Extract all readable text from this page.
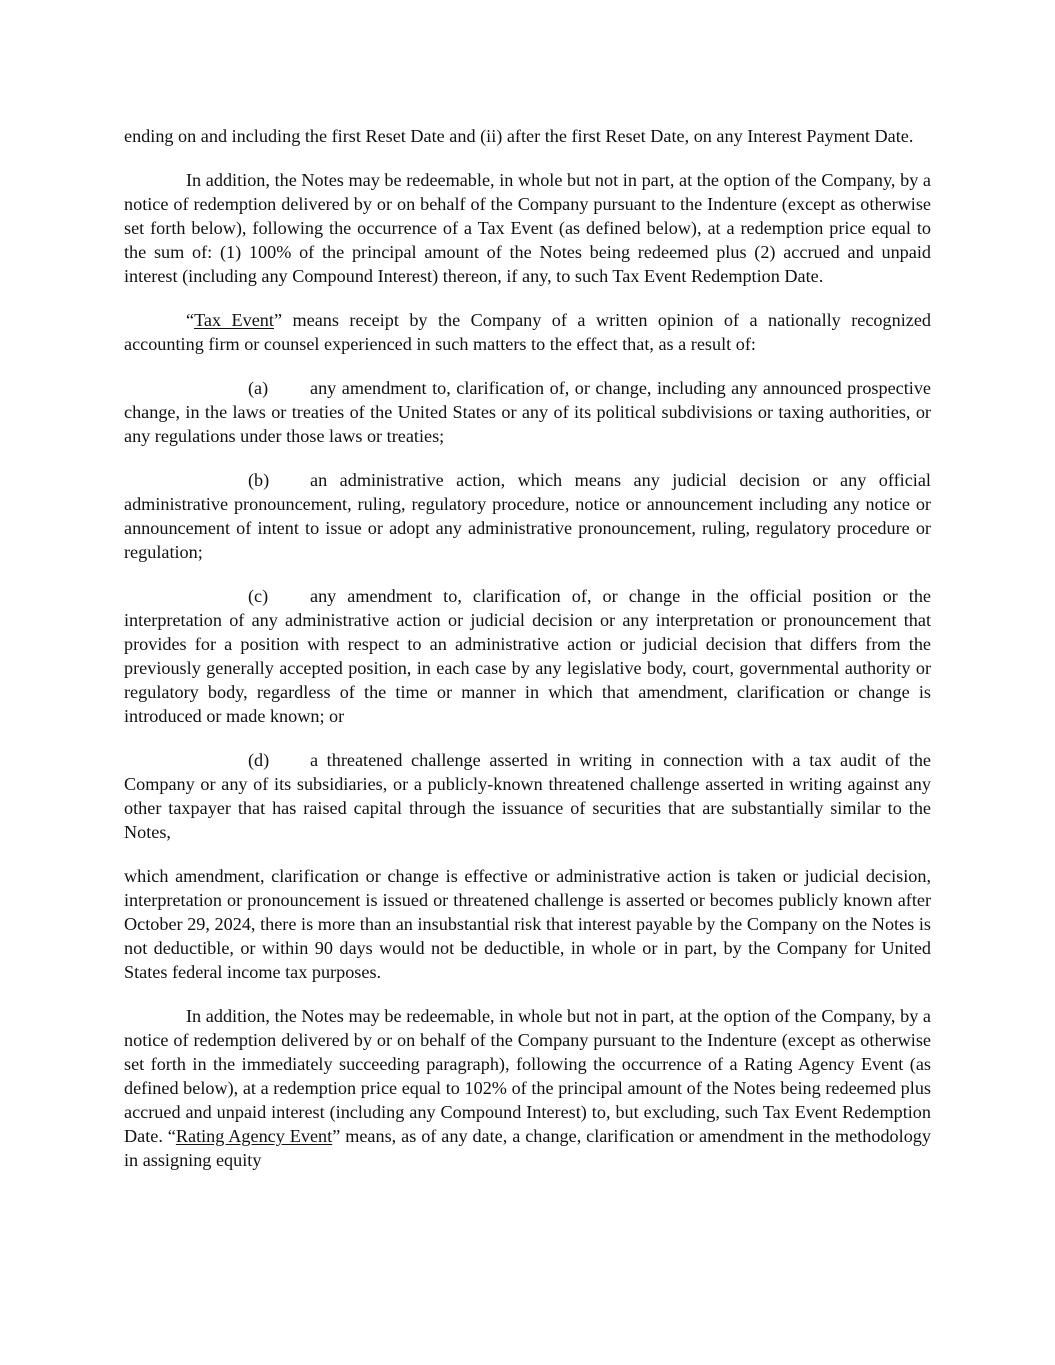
ending on and including the first Reset Date and (ii) after the first Reset Date, on any Interest Payment Date.

In addition, the Notes may be redeemable, in whole but not in part, at the option of the Company, by a notice of redemption delivered by or on behalf of the Company pursuant to the Indenture (except as otherwise set forth below), following the occurrence of a Tax Event (as defined below), at a redemption price equal to the sum of: (1) 100% of the principal amount of the Notes being redeemed plus (2) accrued and unpaid interest (including any Compound Interest) thereon, if any, to such Tax Event Redemption Date.

“Tax Event” means receipt by the Company of a written opinion of a nationally recognized accounting firm or counsel experienced in such matters to the effect that, as a result of:

(a) any amendment to, clarification of, or change, including any announced prospective change, in the laws or treaties of the United States or any of its political subdivisions or taxing authorities, or any regulations under those laws or treaties;

(b) an administrative action, which means any judicial decision or any official administrative pronouncement, ruling, regulatory procedure, notice or announcement including any notice or announcement of intent to issue or adopt any administrative pronouncement, ruling, regulatory procedure or regulation;

(c) any amendment to, clarification of, or change in the official position or the interpretation of any administrative action or judicial decision or any interpretation or pronouncement that provides for a position with respect to an administrative action or judicial decision that differs from the previously generally accepted position, in each case by any legislative body, court, governmental authority or regulatory body, regardless of the time or manner in which that amendment, clarification or change is introduced or made known; or

(d) a threatened challenge asserted in writing in connection with a tax audit of the Company or any of its subsidiaries, or a publicly-known threatened challenge asserted in writing against any other taxpayer that has raised capital through the issuance of securities that are substantially similar to the Notes,

which amendment, clarification or change is effective or administrative action is taken or judicial decision, interpretation or pronouncement is issued or threatened challenge is asserted or becomes publicly known after October 29, 2024, there is more than an insubstantial risk that interest payable by the Company on the Notes is not deductible, or within 90 days would not be deductible, in whole or in part, by the Company for United States federal income tax purposes.

In addition, the Notes may be redeemable, in whole but not in part, at the option of the Company, by a notice of redemption delivered by or on behalf of the Company pursuant to the Indenture (except as otherwise set forth in the immediately succeeding paragraph), following the occurrence of a Rating Agency Event (as defined below), at a redemption price equal to 102% of the principal amount of the Notes being redeemed plus accrued and unpaid interest (including any Compound Interest) to, but excluding, such Tax Event Redemption Date. “Rating Agency Event” means, as of any date, a change, clarification or amendment in the methodology in assigning equity
